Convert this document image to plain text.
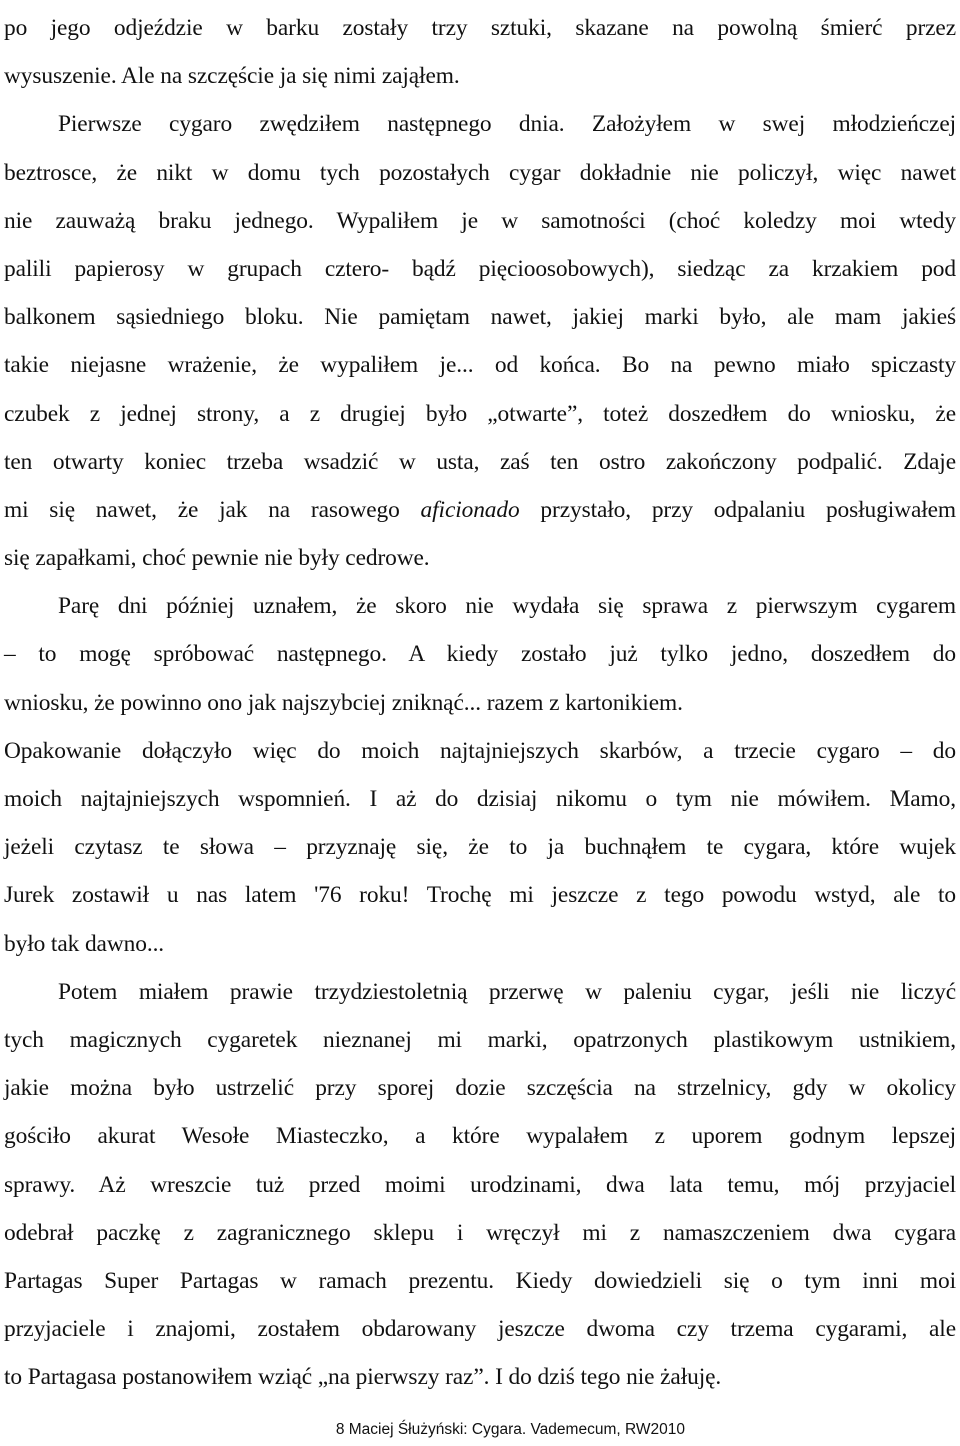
po jego odjeździe w barku zostały trzy sztuki, skazane na powolną śmierć przez
wysuszenie. Ale na szczęście ja się nimi zająłem.
Pierwsze cygaro zwędziłem następnego dnia. Założyłem w swej młodzieńczej
beztrosce, że nikt w domu tych pozostałych cygar dokładnie nie policzył, więc nawet
nie zauważą braku jednego. Wypaliłem je w samotności (choć koledzy moi wtedy
palili papierosy w grupach cztero- bądź pięcioosobowych), siedząc za krzakiem pod
balkonem sąsiedniego bloku. Nie pamiętam nawet, jakiej marki było, ale mam jakieś
takie niejasne wrażenie, że wypaliłem je... od końca. Bo na pewno miało spiczasty
czubek z jednej strony, a z drugiej było „otwarte”, toteż doszedłem do wniosku, że
ten otwarty koniec trzeba wsadzić w usta, zaś ten ostro zakończony podpalić. Zdaje
mi się nawet, że jak na rasowego aficionado przystało, przy odpalaniu posługiwałem
się zapałkami, choć pewnie nie były cedrowe.
Parę dni później uznałem, że skoro nie wydała się sprawa z pierwszym cygarem
– to mogę spróbować następnego. A kiedy zostało już tylko jedno, doszedłem do
wniosku, że powinno ono jak najszybciej zniknąć... razem z kartonikiem.
Opakowanie dołączyło więc do moich najtajniejszych skarbów, a trzecie cygaro – do
moich najtajniejszych wspomnień. I aż do dzisiaj nikomu o tym nie mówiłem. Mamo,
jeżeli czytasz te słowa – przyznaję się, że to ja buchnąłem te cygara, które wujek
Jurek zostawił u nas latem '76 roku! Trochę mi jeszcze z tego powodu wstyd, ale to
było tak dawno...
Potem miałem prawie trzydziestoletnią przerwę w paleniu cygar, jeśli nie liczyć
tych magicznych cygaretek nieznanej mi marki, opatrzonych plastikowym ustnikiem,
jakie można było ustrzelić przy sporej dozie szczęścia na strzelnicy, gdy w okolicy
gościło akurat Wesołe Miasteczko, a które wypalałem z uporem godnym lepszej
sprawy. Aż wreszcie tuż przed moimi urodzinami, dwa lata temu, mój przyjaciel
odebrał paczkę z zagranicznego sklepu i wręczył mi z namaszczeniem dwa cygara
Partagas Super Partagas w ramach prezentu. Kiedy dowiedzieli się o tym inni moi
przyjaciele i znajomi, zostałem obdarowany jeszcze dwoma czy trzema cygarami, ale
to Partagasa postanowiłem wziąć „na pierwszy raz”. I do dziś tego nie żałuję.
8 Maciej Śłużyński: Cygara. Vademecum, RW2010
